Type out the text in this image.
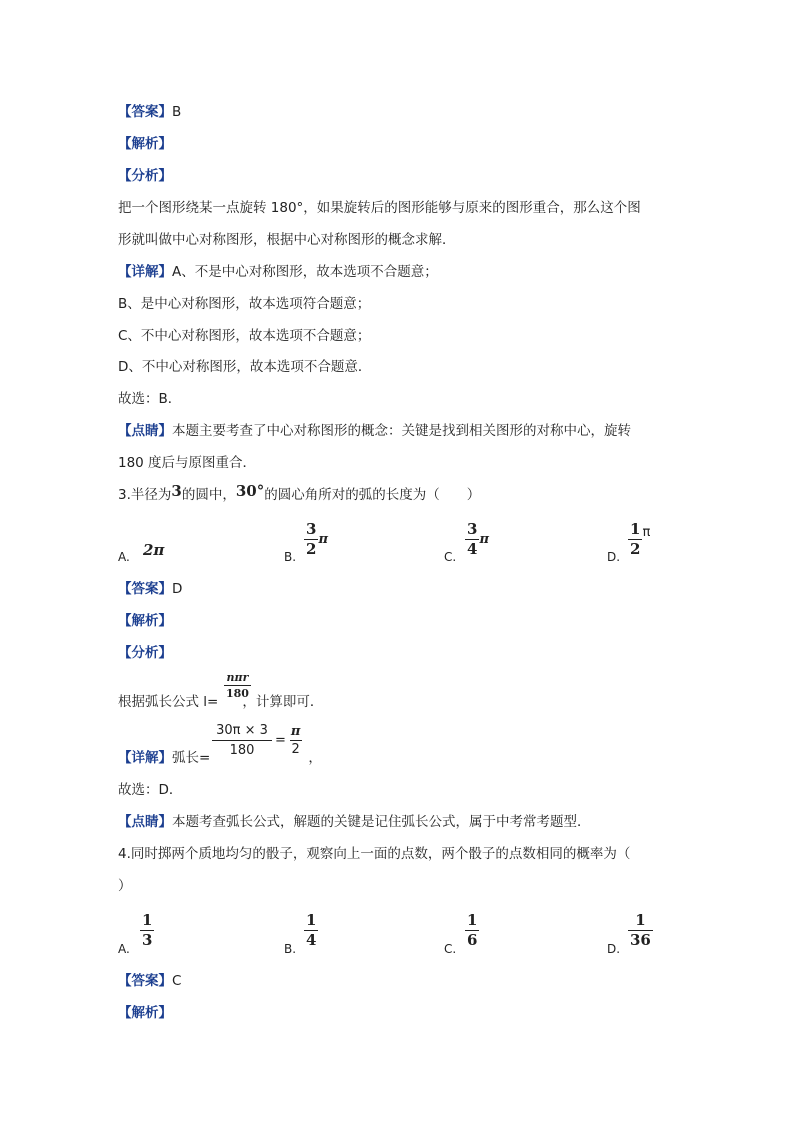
【答案】B
【解析】
【分析】
把一个图形绕某一点旋转 180°，如果旋转后的图形能够与原来的图形重合，那么这个图
形就叫做中心对称图形，根据中心对称图形的概念求解．
【详解】A、不是中心对称图形，故本选项不合题意；
B、是中心对称图形，故本选项符合题意；
C、不中心对称图形，故本选项不合题意；
D、不中心对称图形，故本选项不合题意．
故选：B．
【点睛】本题主要考查了中心对称图形的概念：关键是找到相关图形的对称中心，旋转
180 度后与原图重合．
3.半径为3的圆中，30°的圆心角所对的弧的长度为（　　）
A. 2π	B. $\frac{3}{2}$ π
C. $\frac{3}{4}$ π
D. $\frac{1}{2} ^\pi$
【答案】D
【解析】
【分析】
根据弧长公式 l= ，计算即可．
$\frac{\text{nπr}}{180}$
【详解】弧长=	，
$\frac{30\pi \times 3}{180} = \frac{\pi}{2}$
故选：D．
【点睛】本题考查弧长公式，解题的关键是记住弧长公式，属于中考常考题型．
4.同时掷两个质地均匀的骰子，观察向上一面的点数，两个骰子的点数相同的概率为（
）
A.
$\frac{1}{3}$
B.
$\frac{1}{4}$
C.
$\frac{1}{6}$
D.
$\frac{1}{36}$
【答案】C
【解析】
